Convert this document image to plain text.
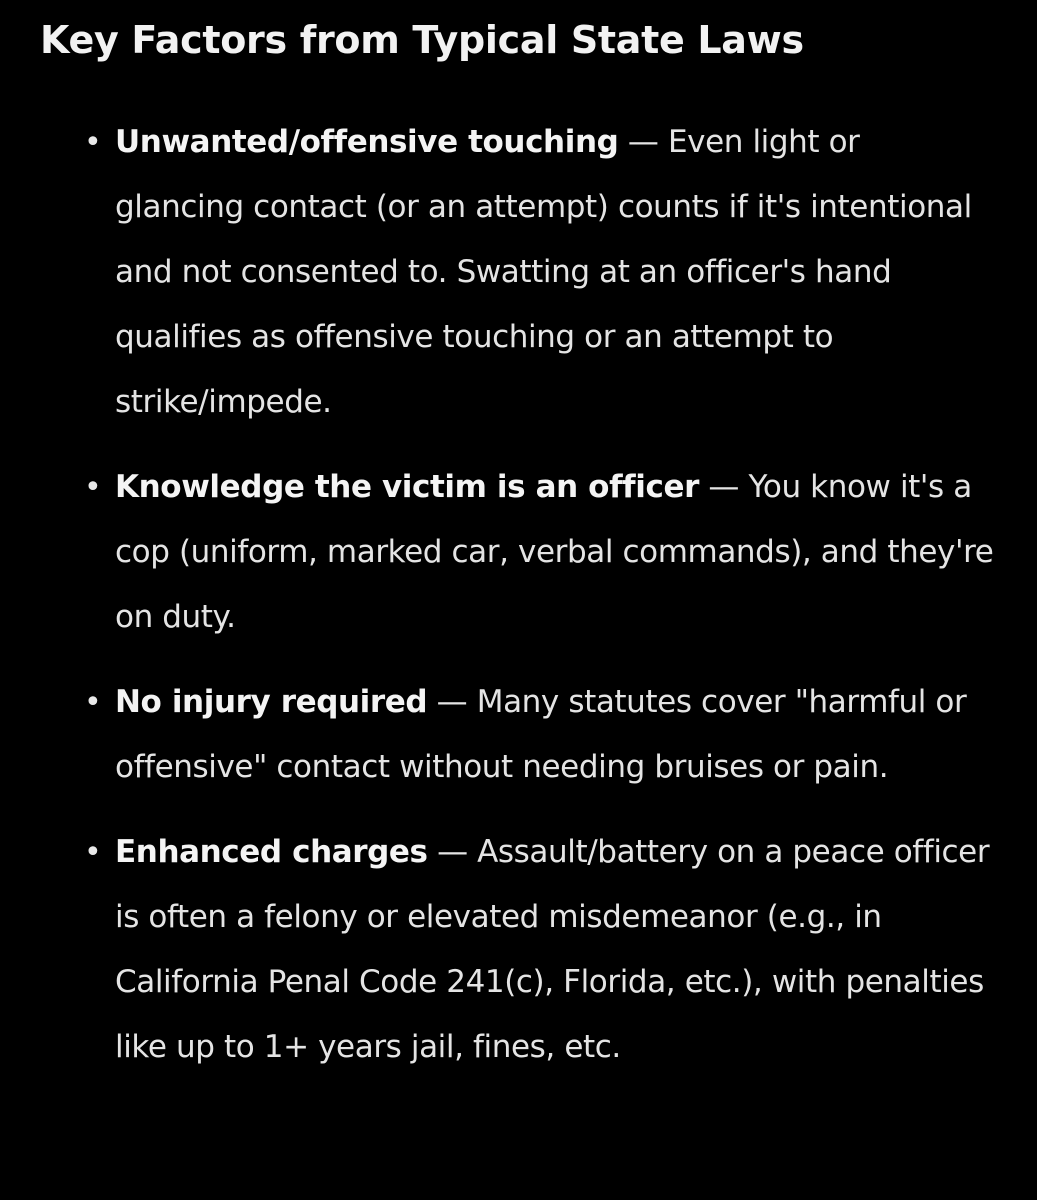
Key Factors from Typical State Laws
• Unwanted/offensive touching — Even light or glancing contact (or an attempt) counts if it's intentional and not consented to. Swatting at an officer's hand qualifies as offensive touching or an attempt to strike/impede.
• Knowledge the victim is an officer — You know it's a cop (uniform, marked car, verbal commands), and they're on duty.
• No injury required — Many statutes cover "harmful or offensive" contact without needing bruises or pain.
• Enhanced charges — Assault/battery on a peace officer is often a felony or elevated misdemeanor (e.g., in California Penal Code 241(c), Florida, etc.), with penalties like up to 1+ years jail, fines, etc.
